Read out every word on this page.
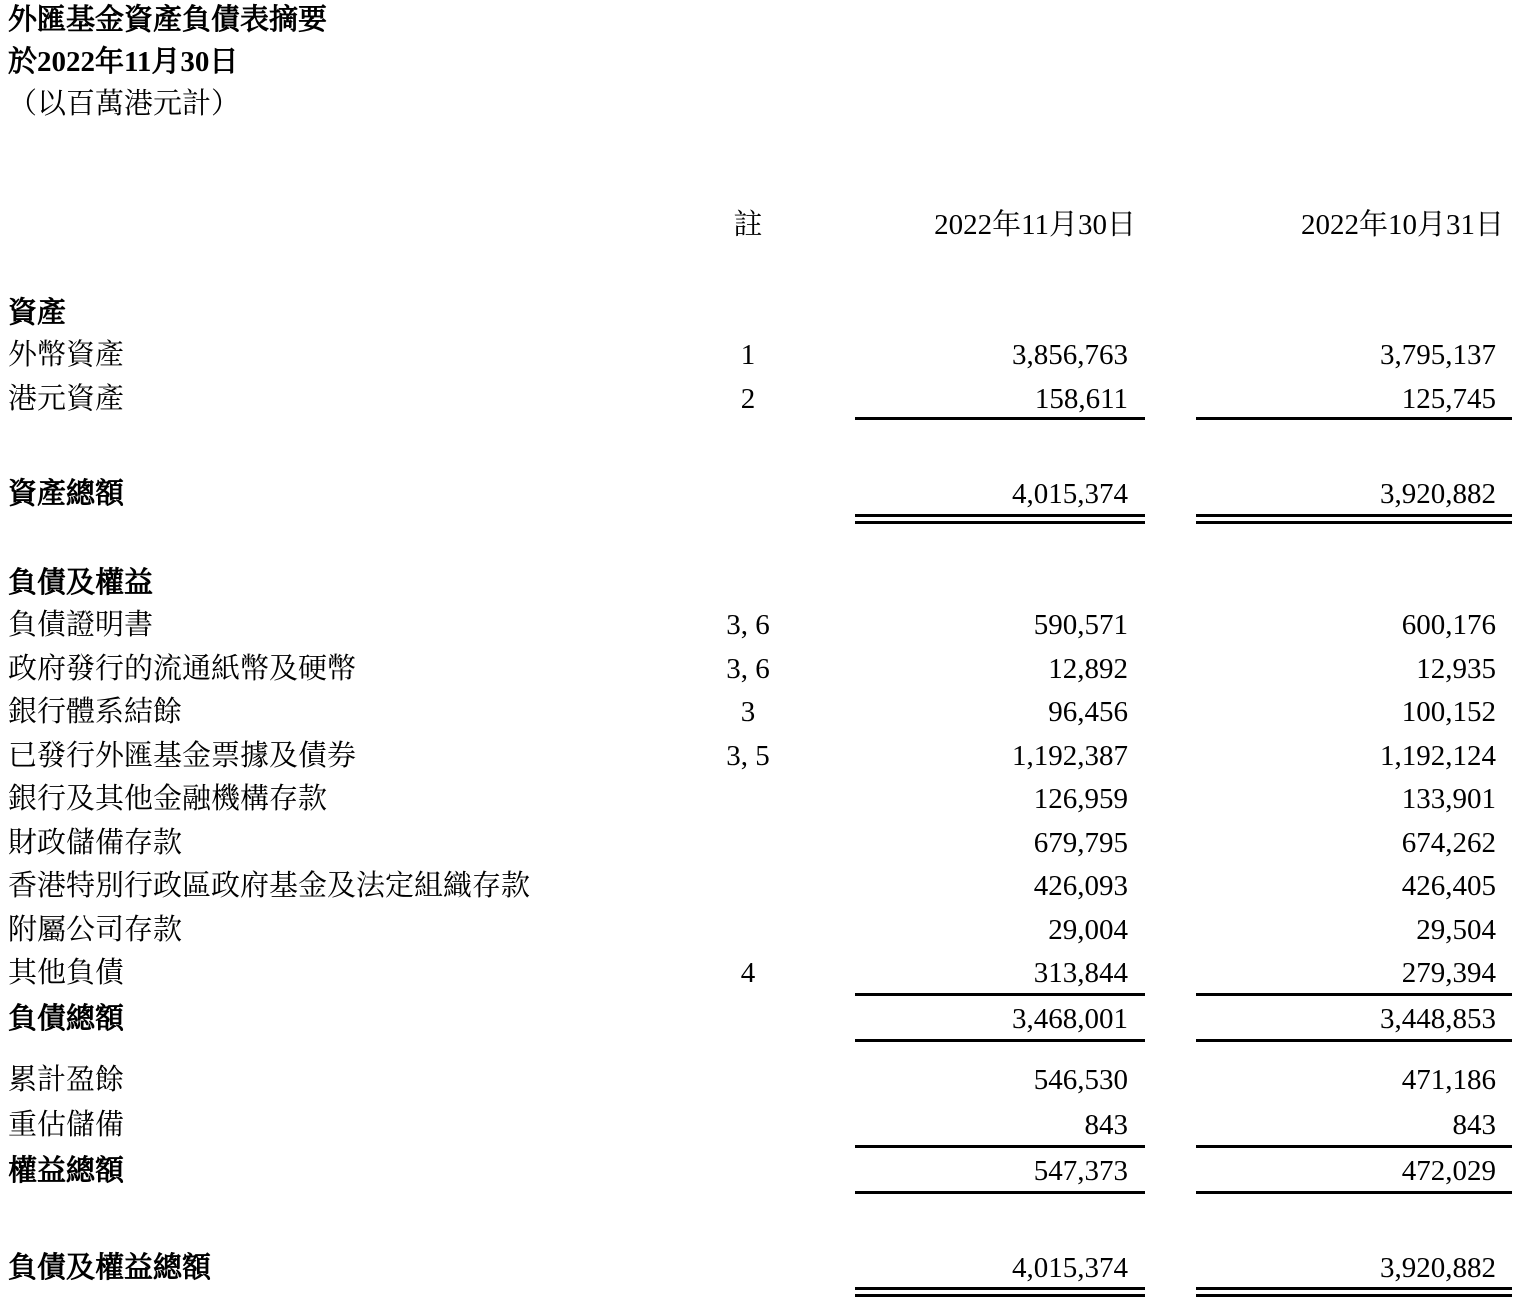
外匯基金資產負債表摘要
於2022年11月30日
（以百萬港元計）
註	2022年11月30日	2022年10月31日
資產
外幣資產	1	3,856,763	3,795,137
港元資產	2	158,611	125,745
資產總額	4,015,374	3,920,882
負債及權益
負債證明書	3, 6	590,571	600,176
政府發行的流通紙幣及硬幣	3, 6	12,892	12,935
銀行體系結餘	3	96,456	100,152
已發行外匯基金票據及債券	3, 5	1,192,387	1,192,124
銀行及其他金融機構存款	126,959	133,901
財政儲備存款	679,795	674,262
香港特別行政區政府基金及法定組織存款	426,093	426,405
附屬公司存款	29,004	29,504
其他負債	4	313,844	279,394
負債總額	3,468,001	3,448,853
累計盈餘	546,530	471,186
重估儲備	843	843
權益總額	547,373	472,029
負債及權益總額	4,015,374	3,920,882
